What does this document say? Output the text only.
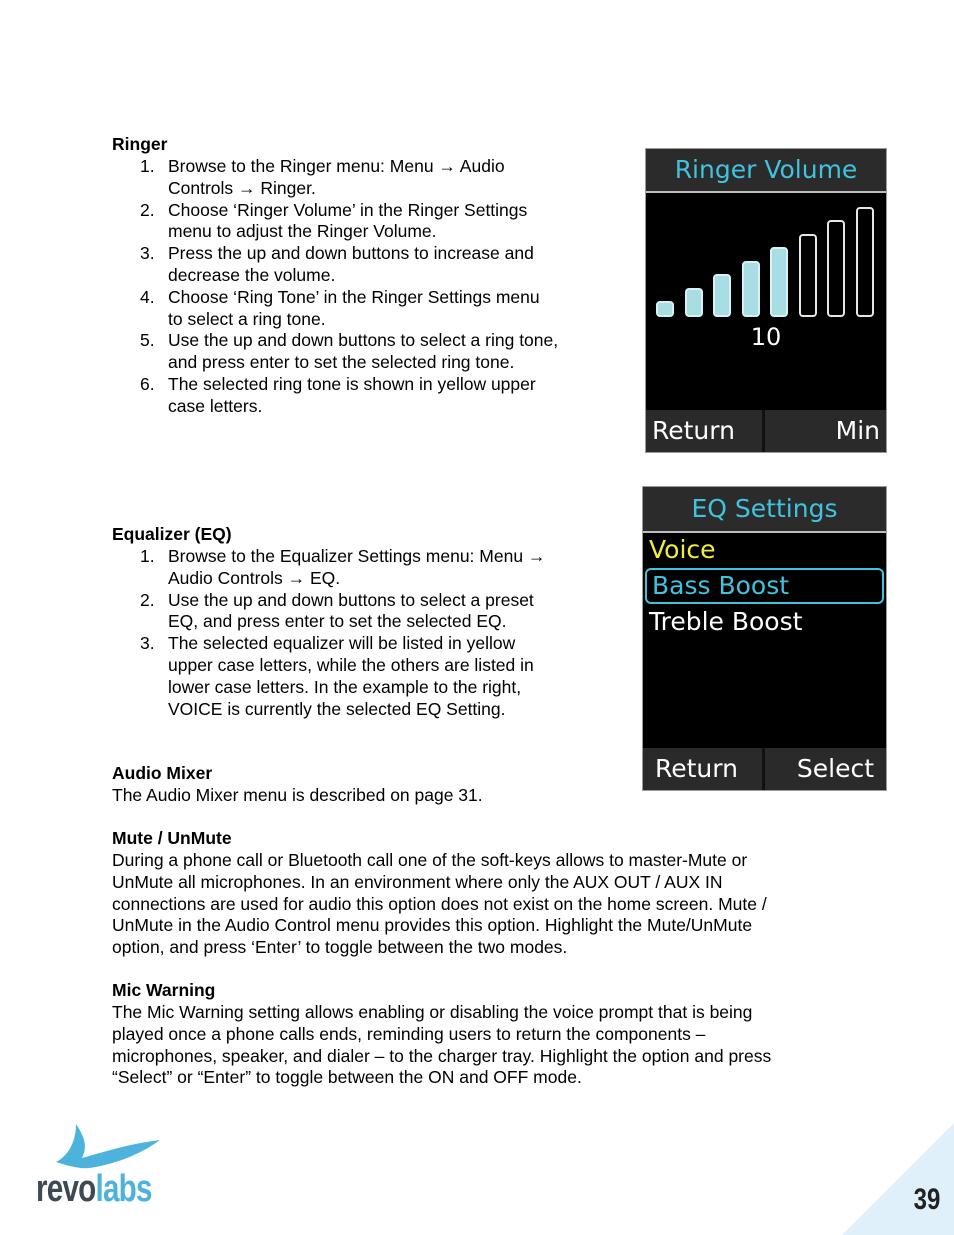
Ringer
1. Browse to the Ringer menu: Menu → Audio
Controls → Ringer.
2. Choose ‘Ringer Volume’ in the Ringer Settings
menu to adjust the Ringer Volume.
3. Press the up and down buttons to increase and
decrease the volume.
4. Choose ‘Ring Tone’ in the Ringer Settings menu
to select a ring tone.
5. Use the up and down buttons to select a ring tone,
and press enter to set the selected ring tone.
6. The selected ring tone is shown in yellow upper
case letters.
Ringer Volume
10
Return	Min
Equalizer (EQ)
1. Browse to the Equalizer Settings menu: Menu →
Audio Controls → EQ.
2. Use the up and down buttons to select a preset
EQ, and press enter to set the selected EQ.
3. The selected equalizer will be listed in yellow
upper case letters, while the others are listed in
lower case letters. In the example to the right,
VOICE is currently the selected EQ Setting.
EQ Settings
Voice
Bass Boost
Treble Boost
Return	Select
Audio Mixer
The Audio Mixer menu is described on page 31.
Mute / UnMute
During a phone call or Bluetooth call one of the soft-keys allows to master-Mute or
UnMute all microphones. In an environment where only the AUX OUT / AUX IN
connections are used for audio this option does not exist on the home screen. Mute /
UnMute in the Audio Control menu provides this option. Highlight the Mute/UnMute
option, and press ‘Enter’ to toggle between the two modes.
Mic Warning
The Mic Warning setting allows enabling or disabling the voice prompt that is being
played once a phone calls ends, reminding users to return the components –
microphones, speaker, and dialer – to the charger tray. Highlight the option and press
“Select” or “Enter” to toggle between the ON and OFF mode.
revolabs	39
